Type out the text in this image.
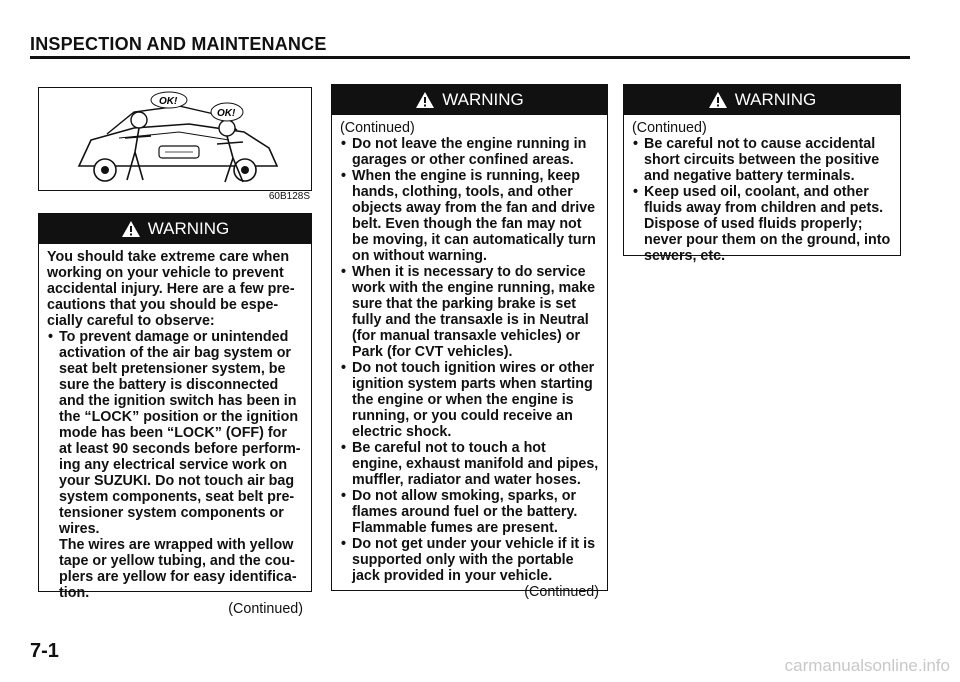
INSPECTION AND MAINTENANCE
OK!
OK!
60B128S
WARNING

You should take extreme care when working on your vehicle to prevent accidental injury. Here are a few pre-cautions that you should be espe-cially careful to observe:

• To prevent damage or unintended activation of the air bag system or seat belt pretensioner system, be sure the battery is disconnected and the ignition switch has been in the “LOCK” position or the ignition mode has been “LOCK” (OFF) for at least 90 seconds before perform-ing any electrical service work on your SUZUKI. Do not touch air bag system components, seat belt pre-tensioner system components or wires.
The wires are wrapped with yellow tape or yellow tubing, and the cou-plers are yellow for easy identifica-tion.
(Continued)
WARNING
(Continued)
• Do not leave the engine running in garages or other confined areas.
• When the engine is running, keep hands, clothing, tools, and other objects away from the fan and drive belt. Even though the fan may not be moving, it can automatically turn on without warning.
• When it is necessary to do service work with the engine running, make sure that the parking brake is set fully and the transaxle is in Neutral (for manual transaxle vehicles) or Park (for CVT vehicles).
• Do not touch ignition wires or other ignition system parts when starting the engine or when the engine is running, or you could receive an electric shock.
• Be careful not to touch a hot engine, exhaust manifold and pipes, muffler, radiator and water hoses.
• Do not allow smoking, sparks, or flames around fuel or the battery. Flammable fumes are present.
• Do not get under your vehicle if it is supported only with the portable jack provided in your vehicle.
(Continued)
WARNING
(Continued)
• Be careful not to cause accidental short circuits between the positive and negative battery terminals.
• Keep used oil, coolant, and other fluids away from children and pets. Dispose of used fluids properly; never pour them on the ground, into sewers, etc.
7-1
carmanualsonline.info
